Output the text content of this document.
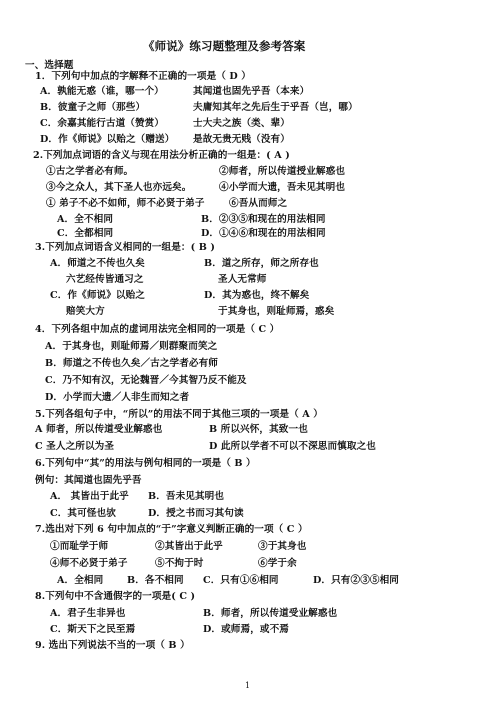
《师说》练习题整理及参考答案
一、选择题
1．下列句中加点的字解释不正确的一项是（ D ）
A．孰能无惑（谁，哪一个）	其闻道也固先乎吾（本来）
B．彼童子之师（那些）	夫庸知其年之先后生于乎吾（岂，哪）
C．余嘉其能行古道（赞赏）	士大夫之族（类、辈）
D．作《师说》以贻之（赠送） 是故无贵无贱（没有）
2.下列加点词语的含义与现在用法分析正确的一组是：( A )
①古之学者必有师。	②师者，所以传道授业解惑也
③今之众人，其下圣人也亦远矣。	④小学而大遗，吾未见其明也
① 弟子不必不如师，师不必贤于弟子	⑥吾从而师之
A．全不相同	B．②③⑤和现在的用法相同
C．全都相同	D．①④⑥和现在的用法相同
3.下列加点词语含义相同的一组是：( B )
A．师道之不传也久矣	B．道之所存，师之所存也
六艺经传皆通习之	圣人无常师
C．作《师说》以贻之	D．其为惑也，终不解矣
赔笑大方	于其身也，则耻师焉，惑矣
4．下列各组中加点的虚词用法完全相同的一项是（ C ）
A．于其身也，则耻师焉／则群聚而笑之
B．师道之不传也久矣／古之学者必有师
C．乃不知有汉，无论魏晋／今其智乃反不能及
D．小学而大遗／人非生而知之者
5.下列各组句子中，“所以”的用法不同于其他三项的一项是（ A ）
A 师者，所以传道受业解惑也	B 所以兴怀，其致一也
C 圣人之所以为圣	D 此所以学者不可以不深思而慎取之也
6.下列句中“其”的用法与例句相同的一项是（ B ）
例句：其闻道也固先乎吾
A． 其皆出于此乎 B．吾未见其明也
C．其可怪也欤	D．授之书而习其句读
7.选出对下列 6 句中加点的“于”字意义判断正确的一项（ C ）
①而耻学于师	②其皆出于此乎	③于其身也
④师不必贤于弟子	⑤不拘于时	⑥学于余
A．全相同 B．各不相同 C．只有①⑥相同	D．只有②③⑤相同
8.下列句中不含通假字的一项是( C )
A．君子生非异也	B．师者，所以传道受业解惑也
C．斯天下之民至焉	D．或师焉，或不焉
9. 选出下列说法不当的一项（ B ）
1
